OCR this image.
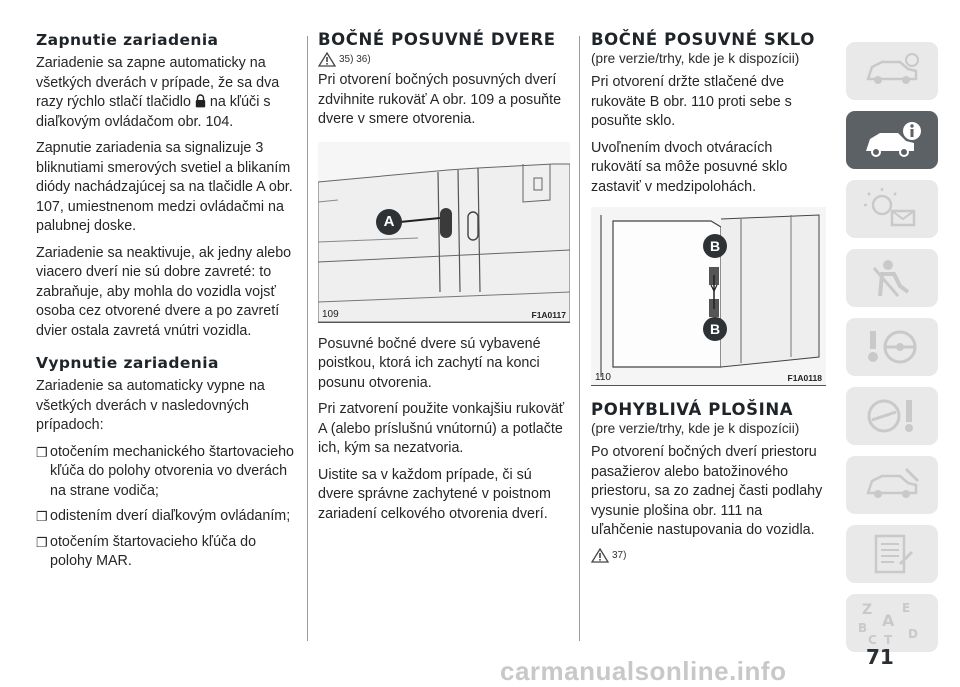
Zapnutie zariadenia

Zariadenie sa zapne automaticky na všetkých dverách v prípade, že sa dva razy rýchlo stlačí tlačidlo na kľúči s diaľkovým ovládačom obr. 104.

Zapnutie zariadenia sa signalizuje 3 bliknutiami smerových svetiel a blikaním diódy nachádzajúcej sa na tlačidle A obr. 107, umiestnenom medzi ovládačmi na palubnej doske.

Zariadenie sa neaktivuje, ak jedny alebo viacero dverí nie sú dobre zavreté: to zabraňuje, aby mohla do vozidla vojsť osoba cez otvorené dvere a po zavretí dvier ostala zavretá vnútri vozidla.

Vypnutie zariadenia

Zariadenie sa automaticky vypne na všetkých dverách v nasledovných prípadoch:

❐ otočením mechanického štartovacieho kľúča do polohy otvorenia vo dverách na strane vodiča;
❐ odistením dverí diaľkovým ovládaním;
❐ otočením štartovacieho kľúča do polohy MAR.
BOČNÉ POSUVNÉ DVERE
35) 36)

Pri otvorení bočných posuvných dverí zdvihnite rukoväť A obr. 109 a posuňte dvere v smere otvorenia.

A
109	F1A0117

Posuvné bočné dvere sú vybavené poistkou, ktorá ich zachytí na konci posunu otvorenia.

Pri zatvorení použite vonkajšiu rukoväť A (alebo príslušnú vnútornú) a potlačte ich, kým sa nezatvoria.

Uistite sa v každom prípade, či sú dvere správne zachytené v poistnom zariadení celkového otvorenia dverí.

BOČNÉ POSUVNÉ SKLO
(pre verzie/trhy, kde je k dispozícii)

Pri otvorení držte stlačené dve rukoväte B obr. 110 proti sebe s posuňte sklo.

Uvoľnením dvoch otváracích rukovätí sa môže posuvné sklo zastaviť v medzipolohách.

B
B
110	F1A0118
POHYBLIVÁ PLOŠINA
(pre verzie/trhy, kde je k dispozícii)

Po otvorení bočných dverí priestoru pasažierov alebo batožinového priestoru, sa zo zadnej časti podlahy vysunie plošina obr. 111 na uľahčenie nastupovania do vozidla.

37)
Z E
A
B
C	D
T
71
carmanualsonline.info
